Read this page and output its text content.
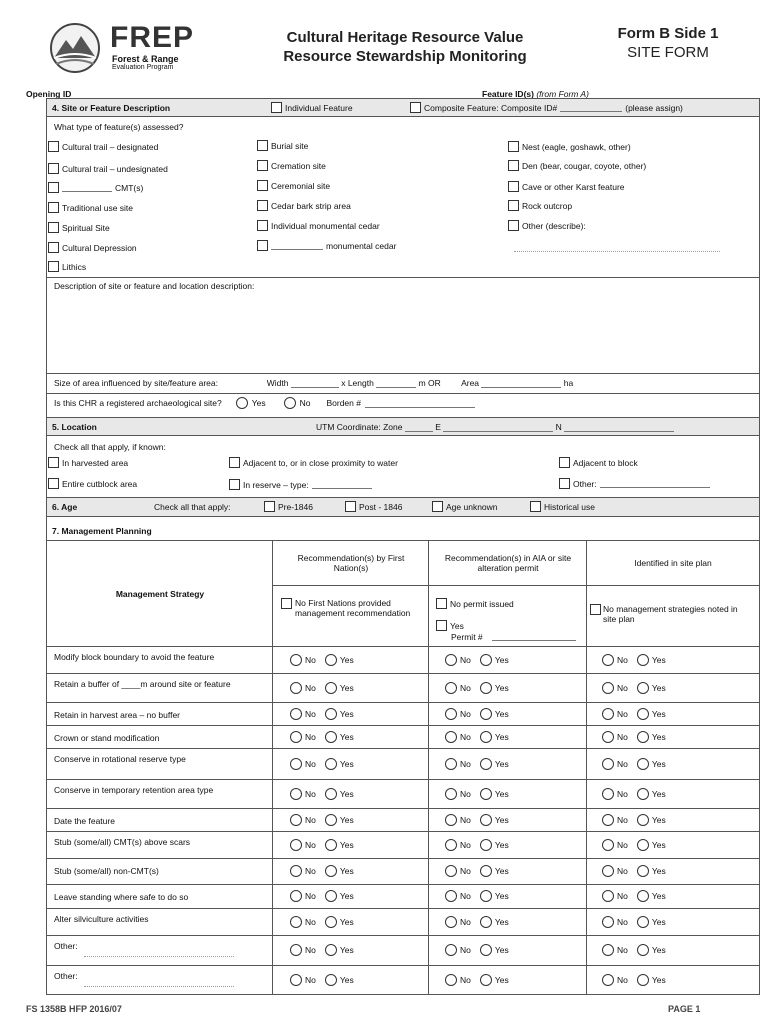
FREP
Forest & Range
Evaluation Program
Cultural Heritage Resource Value
Resource Stewardship Monitoring
Form B Side 1
SITE FORM
Opening ID	Feature ID(s) (from Form A)
4. Site or Feature Description	Individual Feature	Composite Feature: Composite ID#	(please assign)
What type of feature(s) assessed?
Cultural trail – designated
Cultural trail – undesignated
CMT(s)
Traditional use site
Spiritual Site
Cultural Depression
Lithics
Burial site
Cremation site
Ceremonial site
Cedar bark strip area
Individual monumental cedar
monumental cedar
Nest (eagle, goshawk, other)
Den (bear, cougar, coyote, other)
Cave or other Karst feature
Rock outcrop
Other (describe):
Description of site or feature and location description:
Size of area influenced by site/feature area:	Width	x Length	m OR Area	ha
Is this CHR a registered archaeological site?	Yes	No Borden #
5. Location	UTM Coordinate: Zone	E	N
Check all that apply, if known:
In harvested area	Adjacent to, or in close proximity to water	Adjacent to block
Entire cutblock area	In reserve – type:	Other:
6. Age	Check all that apply:	Pre-1846	Post - 1846	Age unknown	Historical use
7. Management Planning
Management Strategy
Recommendation(s) by First Nation(s)
Recommendation(s) in AIA or site alteration permit	Identified in site plan
No First Nations provided management recommendation
No permit issued
Yes
Permit #
No management strategies noted in site plan
Modify block boundary to avoid the feature	No	Yes	No	Yes	No	Yes
Retain a buffer of ____m around site or feature	No	Yes	No	Yes	No	Yes
Retain in harvest area – no buffer	No	Yes	No	Yes	No	Yes
Crown or stand modification	No	Yes	No	Yes	No	Yes
Conserve in rotational reserve type	No	Yes	No	Yes	No	Yes
Conserve in temporary retention area type	No	Yes	No	Yes	No	Yes
Date the feature	No	Yes	No	Yes	No	Yes
Stub (some/all) CMT(s) above scars	No	Yes	No	Yes	No	Yes
Stub (some/all) non-CMT(s)	No	Yes	No	Yes	No	Yes
Leave standing where safe to do so	No	Yes	No	Yes	No	Yes
Alter silviculture activities	No	Yes	No	Yes	No	Yes
Other:	No	Yes	No	Yes	No	Yes
Other:	No	Yes	No	Yes	No	Yes
FS 1358B HFP 2016/07	PAGE 1
